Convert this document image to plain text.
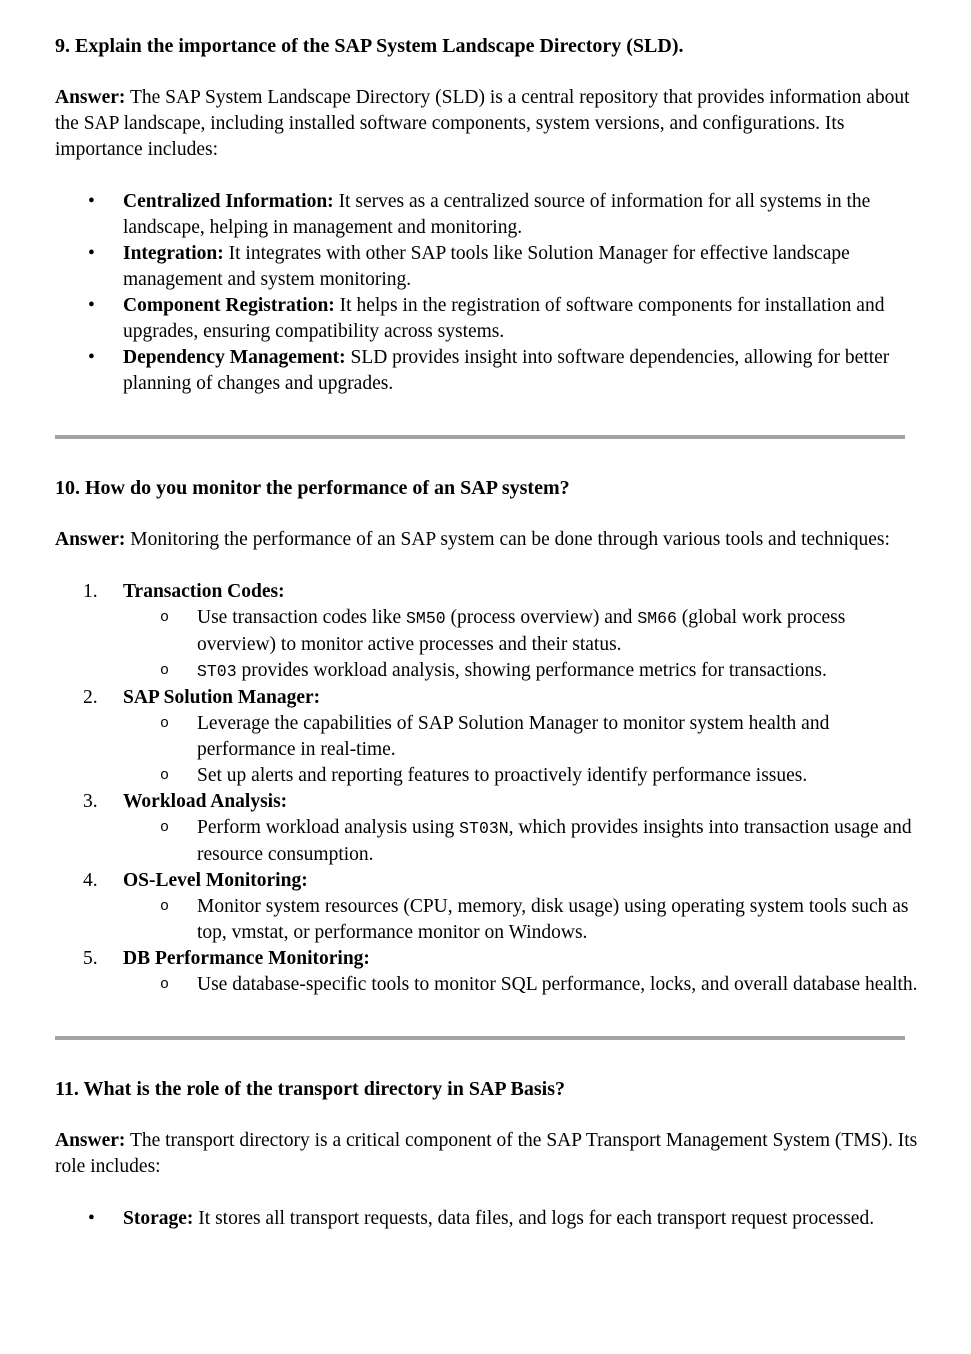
9. Explain the importance of the SAP System Landscape Directory (SLD).

Answer: The SAP System Landscape Directory (SLD) is a central repository that provides information about the SAP landscape, including installed software components, system versions, and configurations. Its importance includes:

• Centralized Information: It serves as a centralized source of information for all systems in the landscape, helping in management and monitoring.
• Integration: It integrates with other SAP tools like Solution Manager for effective landscape management and system monitoring.
• Component Registration: It helps in the registration of software components for installation and upgrades, ensuring compatibility across systems.
• Dependency Management: SLD provides insight into software dependencies, allowing for better planning of changes and upgrades.
10. How do you monitor the performance of an SAP system?

Answer: Monitoring the performance of an SAP system can be done through various tools and techniques:

1. Transaction Codes:
o Use transaction codes like SM50 (process overview) and SM66 (global work process overview) to monitor active processes and their status.
o ST03 provides workload analysis, showing performance metrics for transactions.
2. SAP Solution Manager:
o Leverage the capabilities of SAP Solution Manager to monitor system health and performance in real-time.
o Set up alerts and reporting features to proactively identify performance issues.
3. Workload Analysis:
o Perform workload analysis using ST03N, which provides insights into transaction usage and resource consumption.
4. OS-Level Monitoring:
o Monitor system resources (CPU, memory, disk usage) using operating system tools such as top, vmstat, or performance monitor on Windows.
5. DB Performance Monitoring:
o Use database-specific tools to monitor SQL performance, locks, and overall database health.
11. What is the role of the transport directory in SAP Basis?

Answer: The transport directory is a critical component of the SAP Transport Management System (TMS). Its role includes:

• Storage: It stores all transport requests, data files, and logs for each transport request processed.
